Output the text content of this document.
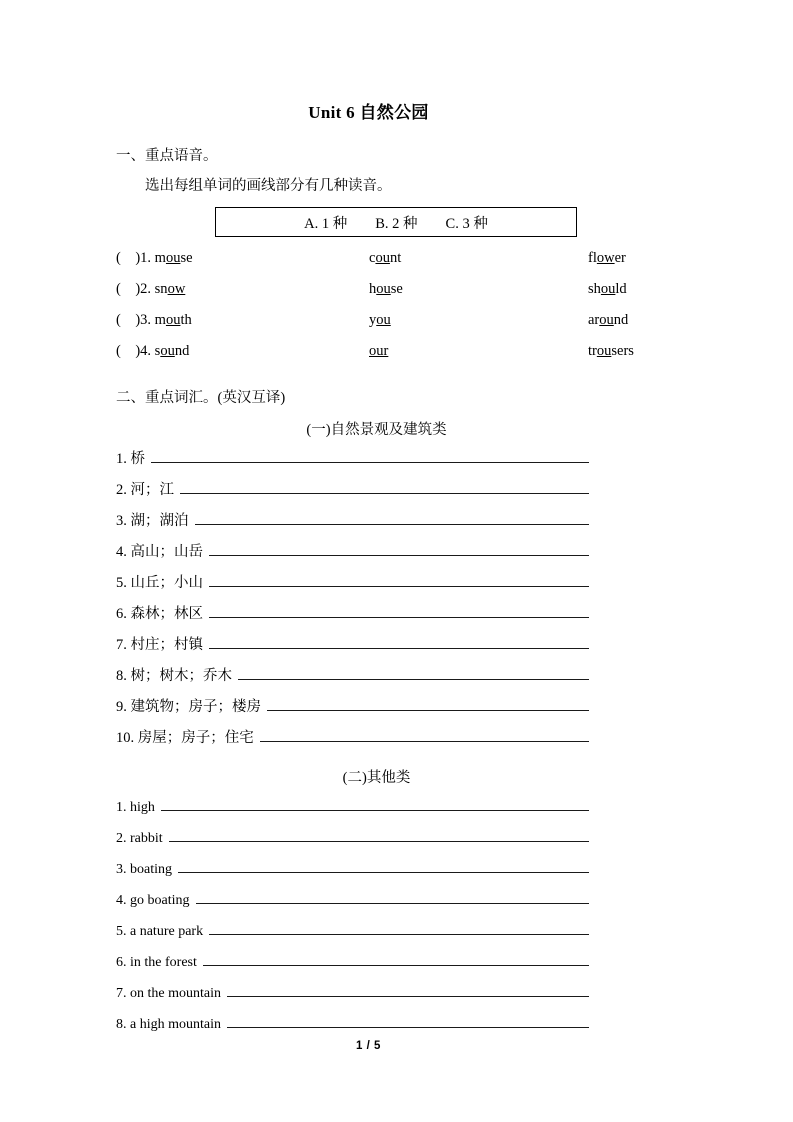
Unit 6 自然公园

一、重点语音。

选出每组单词的画线部分有几种读音。

A. 1 种	B. 2 种	C. 3 种
(    )1. mouse	count	flower
(    )2. snow	house	should
(    )3. mouth	you	around
(    )4. sound	our	trousers

二、重点词汇。(英汉互译)

(一)自然景观及建筑类

1. 桥
2. 河；江
3. 湖；湖泊
4. 高山；山岳
5. 山丘；小山
6. 森林；林区
7. 村庄；村镇
8. 树；树木；乔木
9. 建筑物；房子；楼房
10. 房屋；房子；住宅

(二)其他类

1. high
2. rabbit
3. boating
4. go boating
5. a nature park
6. in the forest
7. on the mountain
8. a high mountain
1 / 5
